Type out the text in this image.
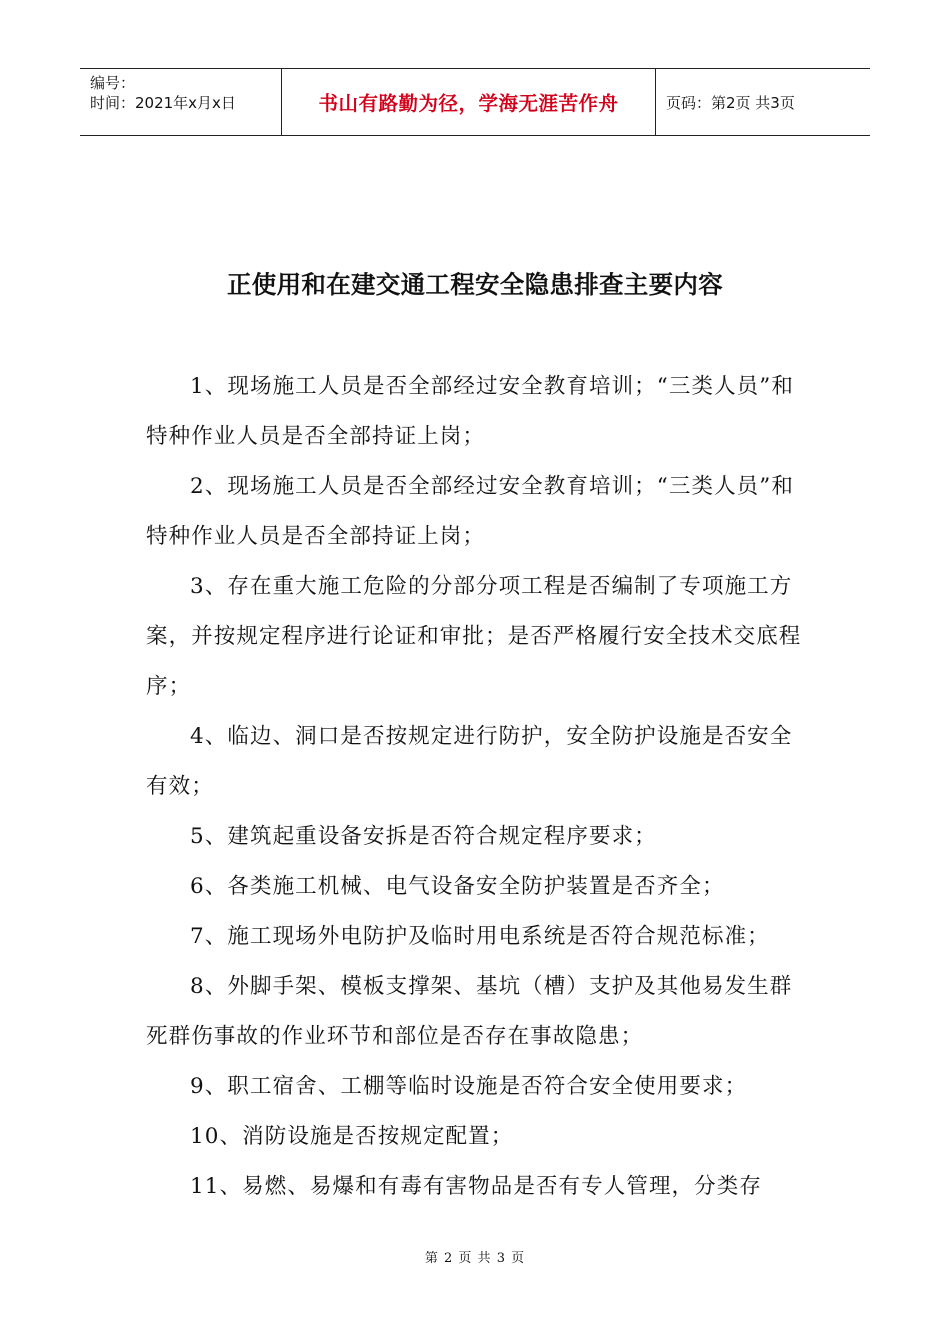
编号：
时间：2021年x月x日	书山有路勤为径，学海无涯苦作舟	页码：第2页 共3页
正使用和在建交通工程安全隐患排查主要内容

1、现场施工人员是否全部经过安全教育培训；“三类人员”和特种作业人员是否全部持证上岗；

2、现场施工人员是否全部经过安全教育培训；“三类人员”和特种作业人员是否全部持证上岗；

3、存在重大施工危险的分部分项工程是否编制了专项施工方案，并按规定程序进行论证和审批；是否严格履行安全技术交底程序；

4、临边、洞口是否按规定进行防护，安全防护设施是否安全有效；

5、建筑起重设备安拆是否符合规定程序要求；

6、各类施工机械、电气设备安全防护装置是否齐全；

7、施工现场外电防护及临时用电系统是否符合规范标准；

8、外脚手架、模板支撑架、基坑（槽）支护及其他易发生群死群伤事故的作业环节和部位是否存在事故隐患；

9、职工宿舍、工棚等临时设施是否符合安全使用要求；

10、消防设施是否按规定配置；

11、易燃、易爆和有毒有害物品是否有专人管理，分类存

第 2 页 共 3 页
